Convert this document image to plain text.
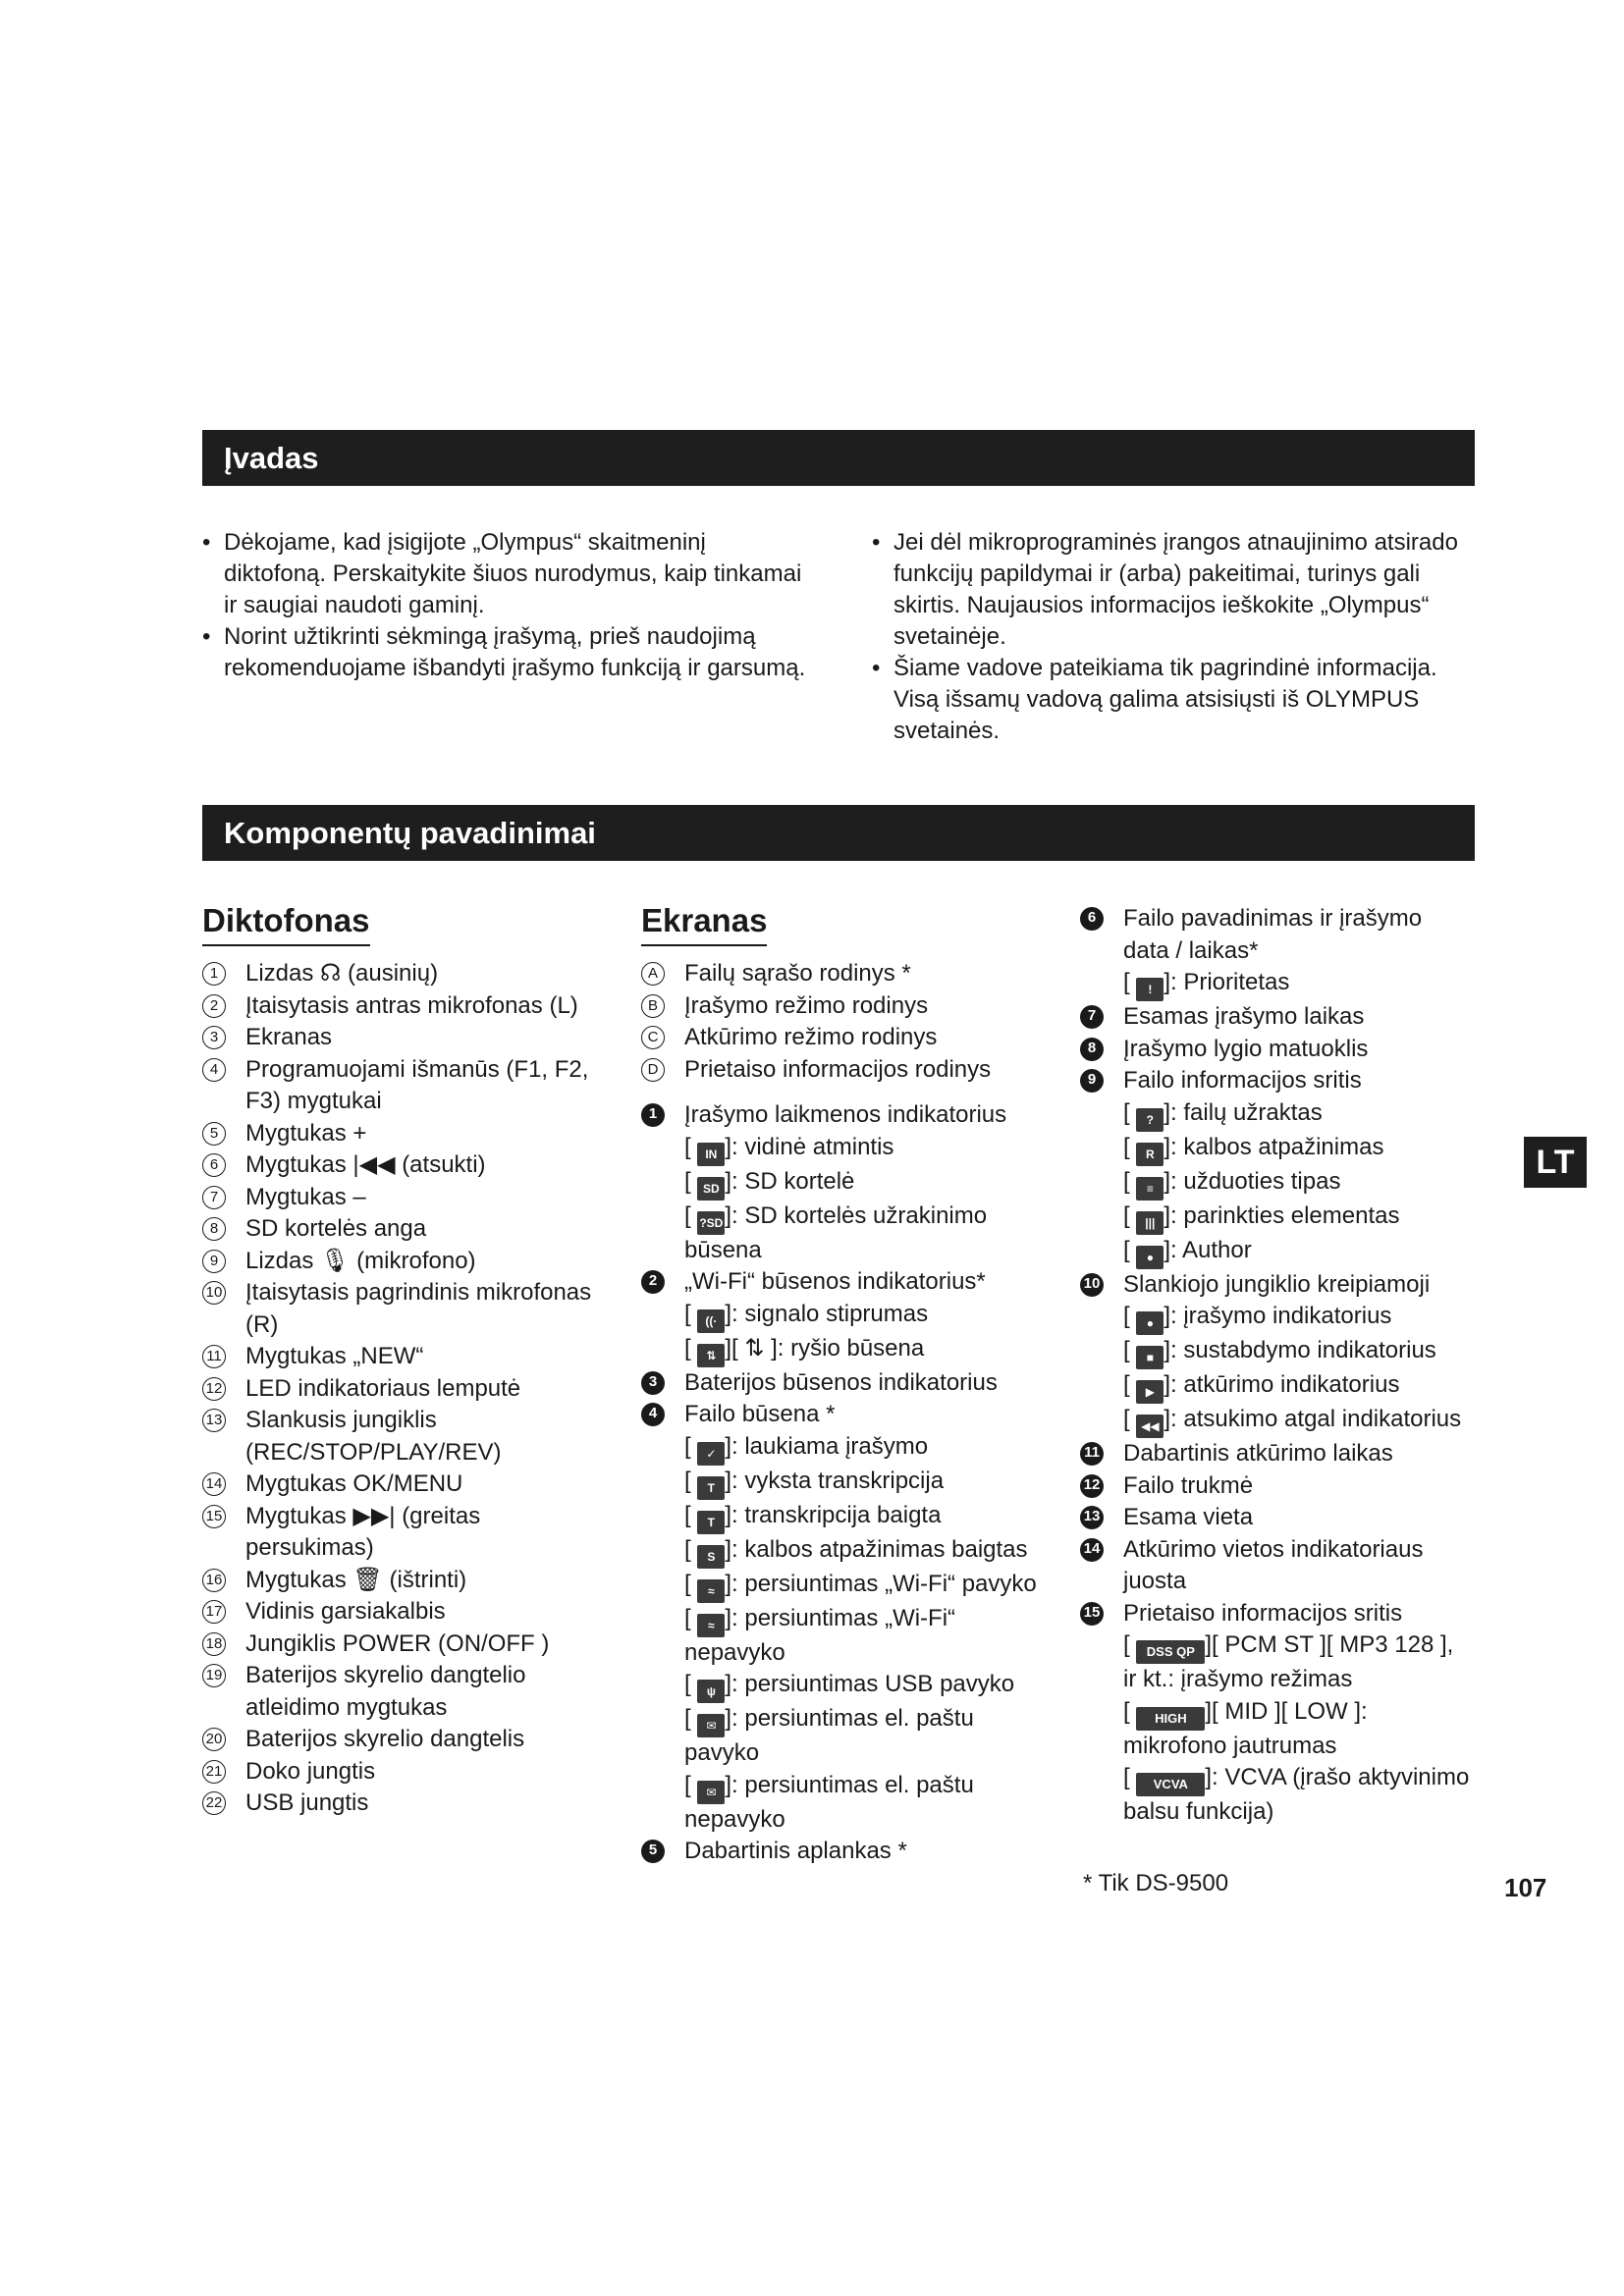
Įvadas
• Dėkojame, kad įsigijote „Olympus“ skaitmeninį diktofoną. Perskaitykite šiuos nurodymus, kaip tinkamai ir saugiai naudoti gaminį.
• Norint užtikrinti sėkmingą įrašymą, prieš naudojimą rekomenduojame išbandyti įrašymo funkciją ir garsumą.
• Jei dėl mikroprograminės įrangos atnaujinimo atsirado funkcijų papildymai ir (arba) pakeitimai, turinys gali skirtis. Naujausios informacijos ieškokite „Olympus“ svetainėje.
• Šiame vadove pateikiama tik pagrindinė informacija. Visą išsamų vadovą galima atsisiųsti iš OLYMPUS svetainės.
Komponentų pavadinimai
Diktofonas	Ekranas
1	Lizdas ☊ (ausinių)
2	Įtaisytasis antras mikrofonas (L)
3	Ekranas
4	Programuojami išmanūs (F1, F2, F3) mygtukai
5	Mygtukas +
6	Mygtukas |◀◀ (atsukti)
7	Mygtukas –
8	SD kortelės anga
9	Lizdas 🎙 (mikrofono)
10 Įtaisytasis pagrindinis mikrofonas (R)
11 Mygtukas „NEW“
12 LED indikatoriaus lemputė
13 Slankusis jungiklis (REC/STOP/PLAY/REV)
14 Mygtukas OK/MENU
15 Mygtukas ▶▶| (greitas persukimas)
16 Mygtukas 🗑 (ištrinti)
17 Vidinis garsiakalbis
18 Jungiklis POWER (ON/OFF )
19 Baterijos skyrelio dangtelio atleidimo mygtukas
20 Baterijos skyrelio dangtelis
21 Doko jungtis
22 USB jungtis
A Failų sąrašo rodinys *
B Įrašymo režimo rodinys
C Atkūrimo režimo rodinys
D Prietaiso informacijos rodinys
1	Įrašymo laikmenos indikatorius
[ IN ]: vidinė atmintis
[ SD ]: SD kortelė
[ ?SD]: SD kortelės užrakinimo būsena
2	„Wi-Fi“ būsenos indikatorius*
[ ((· ]: signalo stiprumas
[ ⇅ ][ ⇅ ]: ryšio būsena
3	Baterijos būsenos indikatorius
4	Failo būsena *
[ ✓ ]: laukiama įrašymo
[ T ]: vyksta transkripcija
[ T ]: transkripcija baigta
[ S ]: kalbos atpažinimas baigtas
[ ≈ ]: persiuntimas „Wi-Fi“ pavyko
[ ≈ ]: persiuntimas „Wi-Fi“ nepavyko
[ ψ ]: persiuntimas USB pavyko
[ ✉ ]: persiuntimas el. paštu pavyko
[ ✉ ]: persiuntimas el. paštu nepavyko
5	Dabartinis aplankas *
6	Failo pavadinimas ir įrašymo data / laikas*
[ ! ]: Prioritetas
7	Esamas įrašymo laikas
8	Įrašymo lygio matuoklis
9	Failo informacijos sritis
[ ? ]: failų užraktas
[ R ]: kalbos atpažinimas
[ ≡ ]: užduoties tipas
[ ||| ]: parinkties elementas
[ ● ]: Author
10 Slankiojo jungiklio kreipiamoji
[ ● ]: įrašymo indikatorius
[ ■ ]: sustabdymo indikatorius
[ ▶ ]: atkūrimo indikatorius
[ ◀◀ ]: atsukimo atgal indikatorius
11 Dabartinis atkūrimo laikas
12 Failo trukmė
13 Esama vieta
14 Atkūrimo vietos indikatoriaus juosta
15 Prietaiso informacijos sritis
[ DSS QP ][ PCM ST ][ MP3 128 ], ir kt.: įrašymo režimas
[ HIGH ][ MID ][ LOW ]: mikrofono jautrumas
[ VCVA ]: VCVA (įrašo aktyvinimo balsu funkcija)
* Tik DS-9500
LT
107
